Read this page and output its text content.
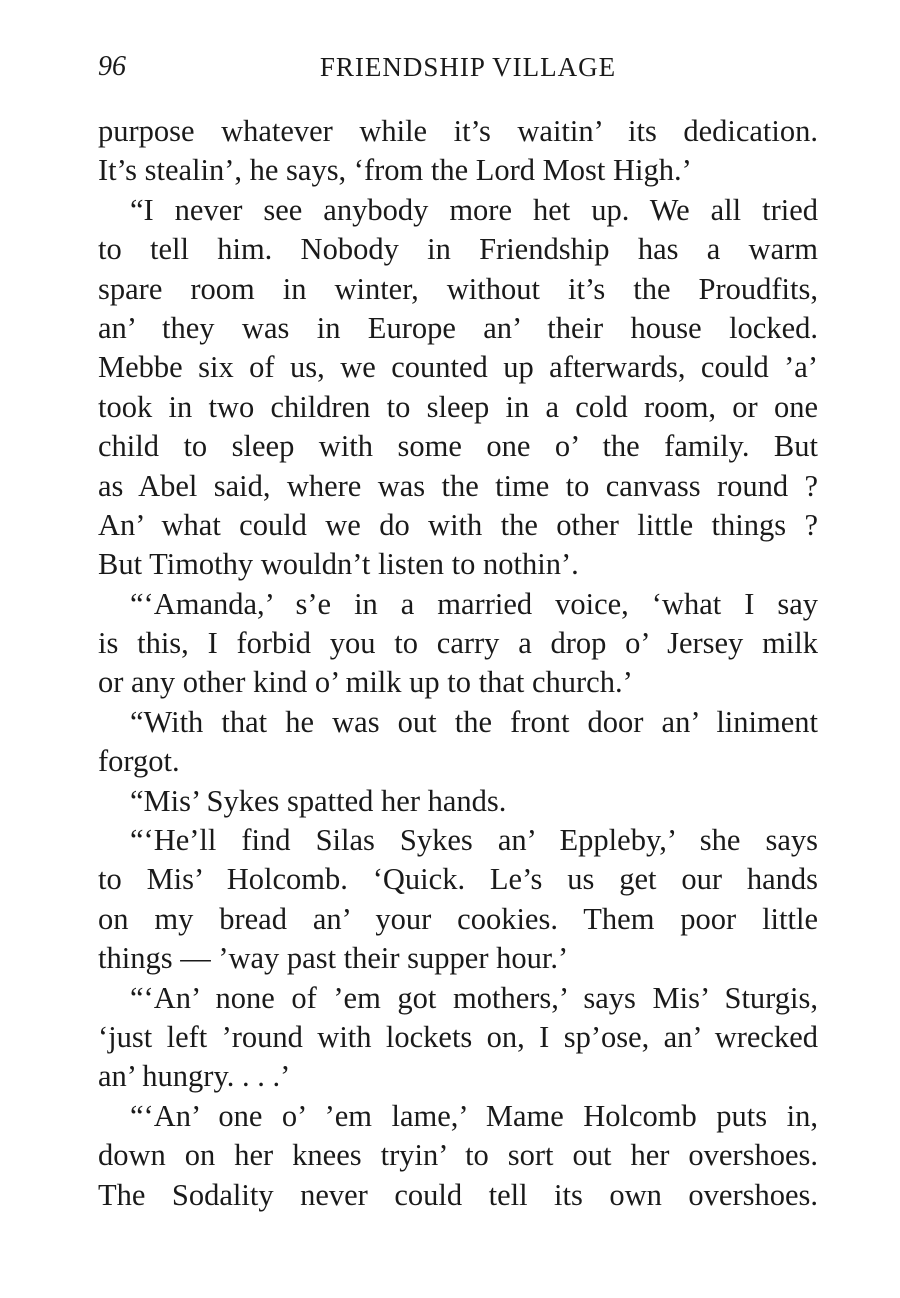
96	FRIENDSHIP VILLAGE
purpose whatever while it’s waitin’ its dedication.
It’s stealin’, he says, ‘from the Lord Most High.’
“I never see anybody more het up. We all tried
to tell him. Nobody in Friendship has a warm
spare room in winter, without it’s the Proudfits,
an’ they was in Europe an’ their house locked.
Mebbe six of us, we counted up afterwards, could ’a’
took in two children to sleep in a cold room, or one
child to sleep with some one o’ the family. But
as Abel said, where was the time to canvass round ?
An’ what could we do with the other little things ?
But Timothy wouldn’t listen to nothin’.
“‘Amanda,’ s’e in a married voice, ‘what I say
is this, I forbid you to carry a drop o’ Jersey milk
or any other kind o’ milk up to that church.’
“With that he was out the front door an’ liniment
forgot.
“Mis’ Sykes spatted her hands.
“‘He’ll find Silas Sykes an’ Eppleby,’ she says
to Mis’ Holcomb. ‘Quick. Le’s us get our hands
on my bread an’ your cookies. Them poor little
things — ’way past their supper hour.’
“‘An’ none of ’em got mothers,’ says Mis’ Sturgis,
‘just left ’round with lockets on, I sp’ose, an’ wrecked
an’ hungry. . . .’
“‘An’ one o’ ’em lame,’ Mame Holcomb puts in,
down on her knees tryin’ to sort out her overshoes.
The Sodality never could tell its own overshoes.
